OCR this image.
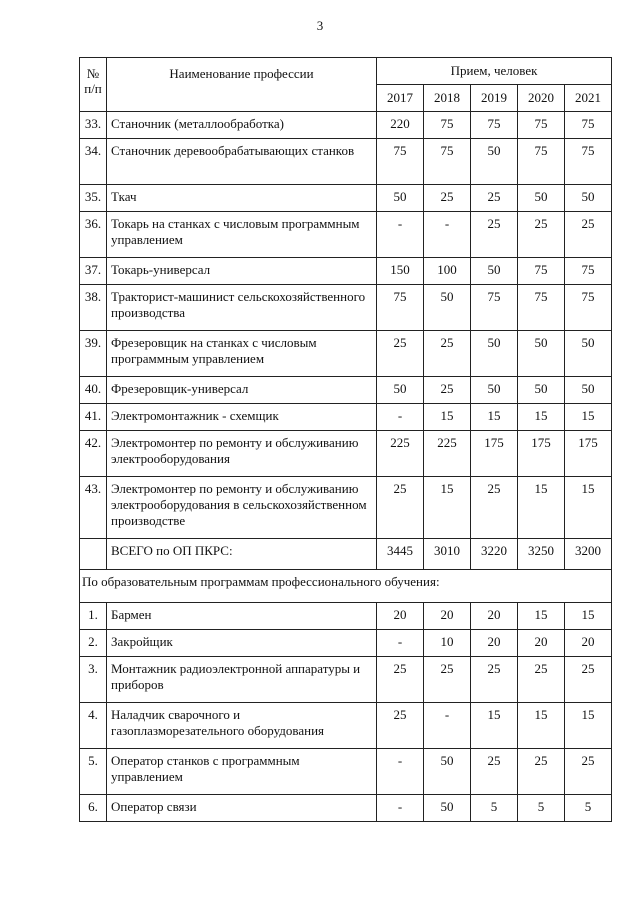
3
№ п/п	Наименование профессии	Прием, человек				
		2017	2018	2019	2020	2021
33.	Станочник (металлообработка)	220	75	75	75	75
34.	Станочник деревообрабатывающих станков	75	75	50	75	75
35.	Ткач	50	25	25	50	50
36.	Токарь на станках с числовым программным управлением	-	-	25	25	25
37.	Токарь-универсал	150	100	50	75	75
38.	Тракторист-машинист сельскохозяйственного производства	75	50	75	75	75
39.	Фрезеровщик на станках с числовым программным управлением	25	25	50	50	50
40.	Фрезеровщик-универсал	50	25	50	50	50
41.	Электромонтажник - схемщик	-	15	15	15	15
42.	Электромонтер по ремонту и обслуживанию электрооборудования	225	225	175	175	175
43.	Электромонтер по ремонту и обслуживанию электрооборудования в сельскохозяйственном производстве	25	15	25	15	15
	ВСЕГО по ОП ПКРС:	3445	3010	3220	3250	3200
По образовательным программам профессионального обучения:						
1.	Бармен	20	20	20	15	15
2.	Закройщик	-	10	20	20	20
3.	Монтажник радиоэлектронной аппаратуры и приборов	25	25	25	25	25
4.	Наладчик сварочного и газоплазморезательного оборудования	25	-	15	15	15
5.	Оператор станков с программным управлением	-	50	25	25	25
6.	Оператор связи	-	50	5	5	5
